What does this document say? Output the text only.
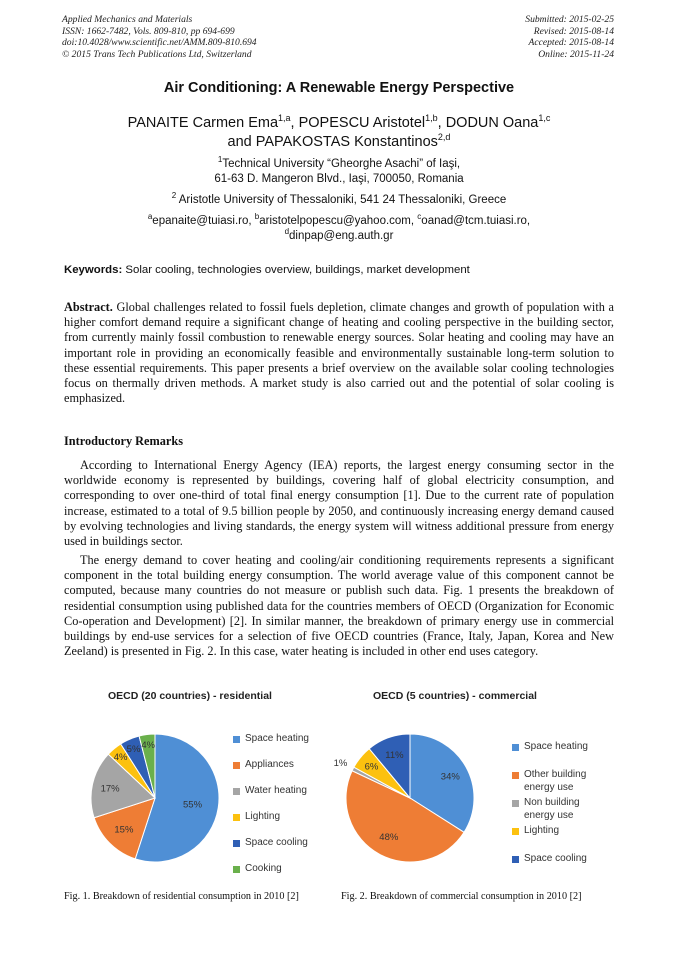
Applied Mechanics and Materials
ISSN: 1662-7482, Vols. 809-810, pp 694-699
doi:10.4028/www.scientific.net/AMM.809-810.694
© 2015 Trans Tech Publications Ltd, Switzerland
Submitted: 2015-02-25
Revised: 2015-08-14
Accepted: 2015-08-14
Online: 2015-11-24
Air Conditioning: A Renewable Energy Perspective
PANAITE Carmen Ema$^{1,a}$, POPESCU Aristotel$^{1,b}$, DODUN Oana$^{1,c}$
and PAPAKOSTAS Konstantinos$^{2,d}$
$^1$Technical University “Gheorghe Asachi” of Iaşi,
61-63 D. Mangeron Blvd., Iaşi, 700050, Romania
$^2$ Aristotle University of Thessaloniki, 541 24 Thessaloniki, Greece
$^a$epanaite@tuiasi.ro, $^b$aristotelpopescu@yahoo.com, $^c$oanad@tcm.tuiasi.ro,
$^d$dinpap@eng.auth.gr
Keywords: Solar cooling, technologies overview, buildings, market development
Abstract. Global challenges related to fossil fuels depletion, climate changes and growth of population with a higher comfort demand require a significant change of heating and cooling perspective in the building sector, from currently mainly fossil combustion to renewable energy sources. Solar heating and cooling may have an important role in providing an economically feasible and environmentally sustainable long-term solution to these essential requirements. This paper presents a brief overview on the available solar cooling technologies focus on thermally driven methods. A market study is also carried out and the potential of solar cooling is emphasized.
Introductory Remarks
According to International Energy Agency (IEA) reports, the largest energy consuming sector in the worldwide economy is represented by buildings, covering half of global electricity consumption, and corresponding to over one-third of total final energy consumption [1]. Due to the current rate of population increase, estimated to a total of 9.5 billion people by 2050, and continuously increasing energy demand caused by evolving technologies and living standards, the energy system will witness additional pressure from energy used in buildings sector.
The energy demand to cover heating and cooling/air conditioning requirements represents a significant component in the total building energy consumption. The world average value of this component cannot be computed, because many countries do not measure or publish such data. Fig. 1 presents the breakdown of residential consumption using published data for the countries members of OECD (Organization for Economic Co-operation and Development) [2]. In similar manner, the breakdown of primary energy use in commercial buildings by end-use services for a selection of five OECD countries (France, Italy, Japan, Korea and New Zeeland) is presented in Fig. 2. In this case, water heating is included in other end uses category.
OECD (20 countries) - residential
55%
15%
17%
4%
5% 4%
Space heating
Appliances
Water heating
Lighting
Space cooling
Cooking
OECD (5 countries) - commercial
34%
48%
1% 6%
11%
Space heating
Other building
energy use
Non building
energy use
Lighting
Space cooling
Fig. 1. Breakdown of residential consumption in 2010 [2]	Fig. 2. Breakdown of commercial consumption in 2010 [2]
